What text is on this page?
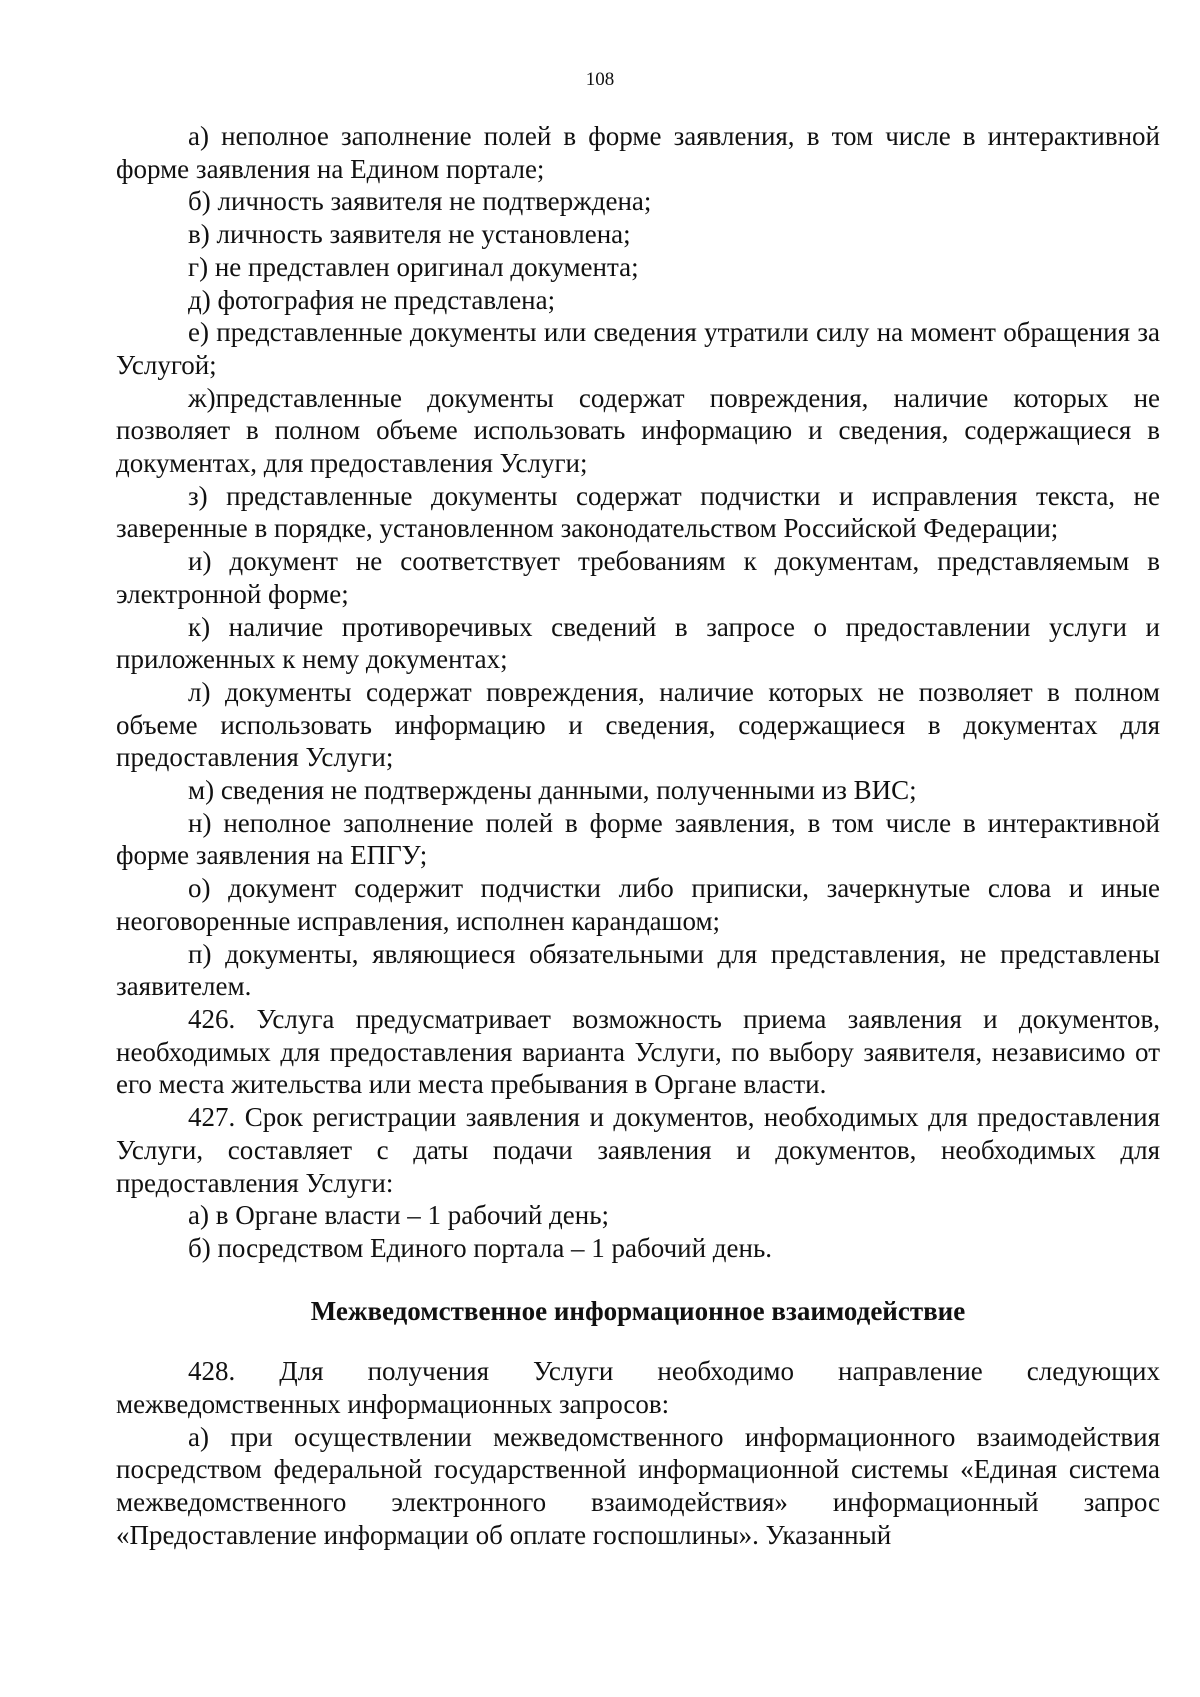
108

а) неполное заполнение полей в форме заявления, в том числе в интерактивной форме заявления на Едином портале;

б) личность заявителя не подтверждена;

в) личность заявителя не установлена;

г) не представлен оригинал документа;

д) фотография не представлена;

е) представленные документы или сведения утратили силу на момент обращения за Услугой;

ж)представленные документы содержат повреждения, наличие которых не позволяет в полном объеме использовать информацию и сведения, содержащиеся в документах, для предоставления Услуги;

з) представленные документы содержат подчистки и исправления текста, не заверенные в порядке, установленном законодательством Российской Федерации;

и) документ не соответствует требованиям к документам, представляемым в электронной форме;

к) наличие противоречивых сведений в запросе о предоставлении услуги и приложенных к нему документах;

л) документы содержат повреждения, наличие которых не позволяет в полном объеме использовать информацию и сведения, содержащиеся в документах для предоставления Услуги;

м) сведения не подтверждены данными, полученными из ВИС;

н) неполное заполнение полей в форме заявления, в том числе в интерактивной форме заявления на ЕПГУ;

о) документ содержит подчистки либо приписки, зачеркнутые слова и иные неоговоренные исправления, исполнен карандашом;

п) документы, являющиеся обязательными для представления, не представлены заявителем.

426. Услуга предусматривает возможность приема заявления и документов, необходимых для предоставления варианта Услуги, по выбору заявителя, независимо от его места жительства или места пребывания в Органе власти.

427. Срок регистрации заявления и документов, необходимых для предоставления Услуги, составляет с даты подачи заявления и документов, необходимых для предоставления Услуги:

а) в Органе власти – 1 рабочий день;

б) посредством Единого портала – 1 рабочий день.

Межведомственное информационное взаимодействие

428. Для получения Услуги необходимо направление следующих межведомственных информационных запросов:

а) при осуществлении межведомственного информационного взаимодействия посредством федеральной государственной информационной системы «Единая система межведомственного электронного взаимодействия» информационный запрос «Предоставление информации об оплате госпошлины». Указанный
